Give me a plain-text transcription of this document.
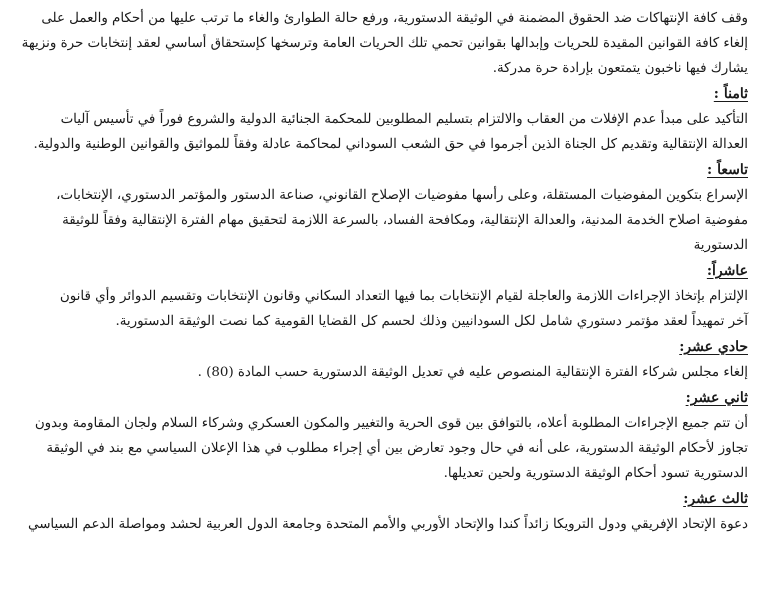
وقف كافة الإنتهاكات ضد الحقوق المضمنة في الوثيقة الدستورية، ورفع حالة الطوارئ والغاء ما ترتب عليها من أحكام والعمل على
إلغاء كافة القوانين المقيدة للحريات وإبدالها بقوانين تحمي تلك الحريات العامة وترسخها كإستحقاق أساسي لعقد إنتخابات حرة ونزيهة
يشارك فيها ناخبون يتمتعون بإرادة حرة مدركة.
ثامناً :
التأكيد على مبدأ عدم الإفلات من العقاب والالتزام بتسليم المطلوبين للمحكمة الجنائية الدولية والشروع فوراً في تأسيس آليات
العدالة الإنتقالية وتقديم كل الجناة الذين أجرموا في حق الشعب السوداني لمحاكمة عادلة وفقاً للمواثيق والقوانين الوطنية والدولية.
تاسعاً :
الإسراع بتكوين المفوضيات المستقلة، وعلى رأسها مفوضيات الإصلاح القانوني، صناعة الدستور والمؤتمر الدستوري، الإنتخابات،
مفوضية اصلاح الخدمة المدنية، والعدالة الإنتقالية، ومكافحة الفساد، بالسرعة اللازمة لتحقيق مهام الفترة الإنتقالية وفقاً للوثيقة
الدستورية
عاشراً:
الإلتزام بإتخاذ الإجراءات اللازمة والعاجلة لقيام الإنتخابات بما فيها التعداد السكاني وقانون الإنتخابات وتقسيم الدوائر وأي قانون
آخر تمهيداً لعقد مؤتمر دستوري شامل لكل السودانيين وذلك لحسم كل القضايا القومية كما نصت الوثيقة الدستورية.
حادي عشر:
إلغاء مجلس شركاء الفترة الإنتقالية المنصوص عليه في تعديل الوثيقة الدستورية حسب المادة (80) .
ثاني عشر:
أن تتم جميع الإجراءات المطلوبة أعلاه، بالتوافق بين قوى الحرية والتغيير والمكون العسكري وشركاء السلام ولجان المقاومة وبدون
تجاوز لأحكام الوثيقة الدستورية، على أنه في حال وجود تعارض بين أي إجراء مطلوب في هذا الإعلان السياسي مع بند في الوثيقة
الدستورية تسود أحكام الوثيقة الدستورية ولحين تعديلها.
ثالث عشر:
دعوة الإتحاد الإفريقي ودول الترويكا زائداً كندا والإتحاد الأوربي والأمم المتحدة وجامعة الدول العربية لحشد ومواصلة الدعم السياسي
